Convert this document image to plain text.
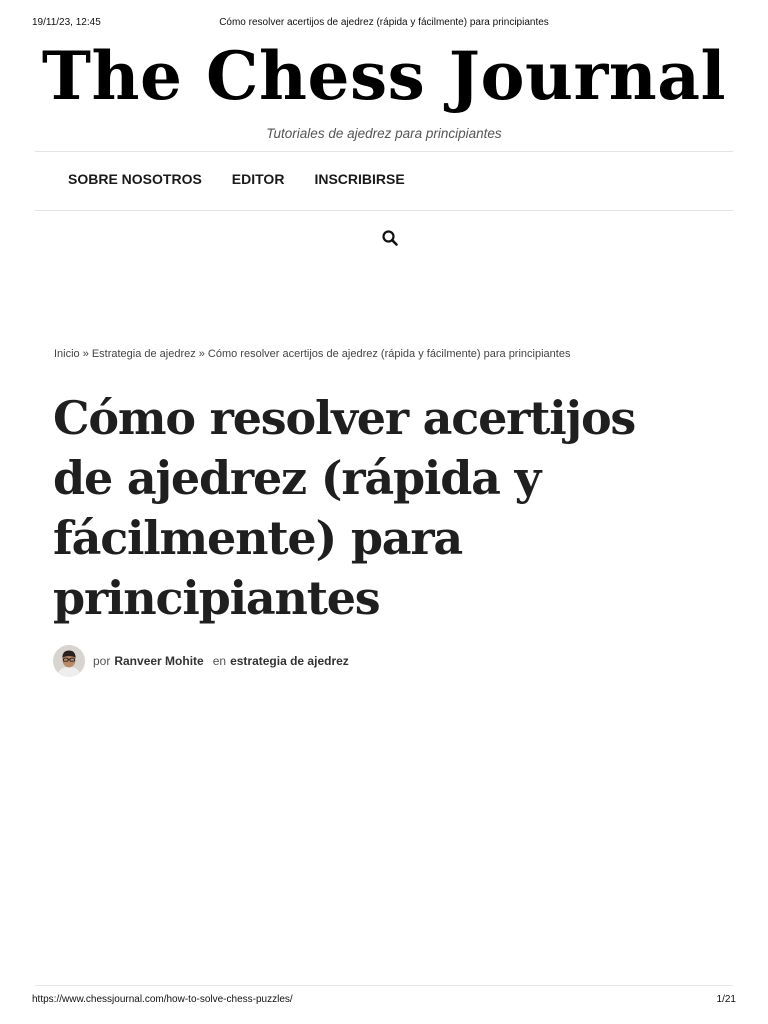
19/11/23, 12:45	Cómo resolver acertijos de ajedrez (rápida y fácilmente) para principiantes
The Chess Journal
Tutoriales de ajedrez para principiantes
SOBRE NOSOTROS EDITOR INSCRIBIRSE
Inicio » Estrategia de ajedrez » Cómo resolver acertijos de ajedrez (rápida y fácilmente) para principiantes
Cómo resolver acertijos de ajedrez (rápida y fácilmente) para principiantes
por Ranveer Mohite en estrategia de ajedrez
https://www.chessjournal.com/how-to-solve-chess-puzzles/	1/21
